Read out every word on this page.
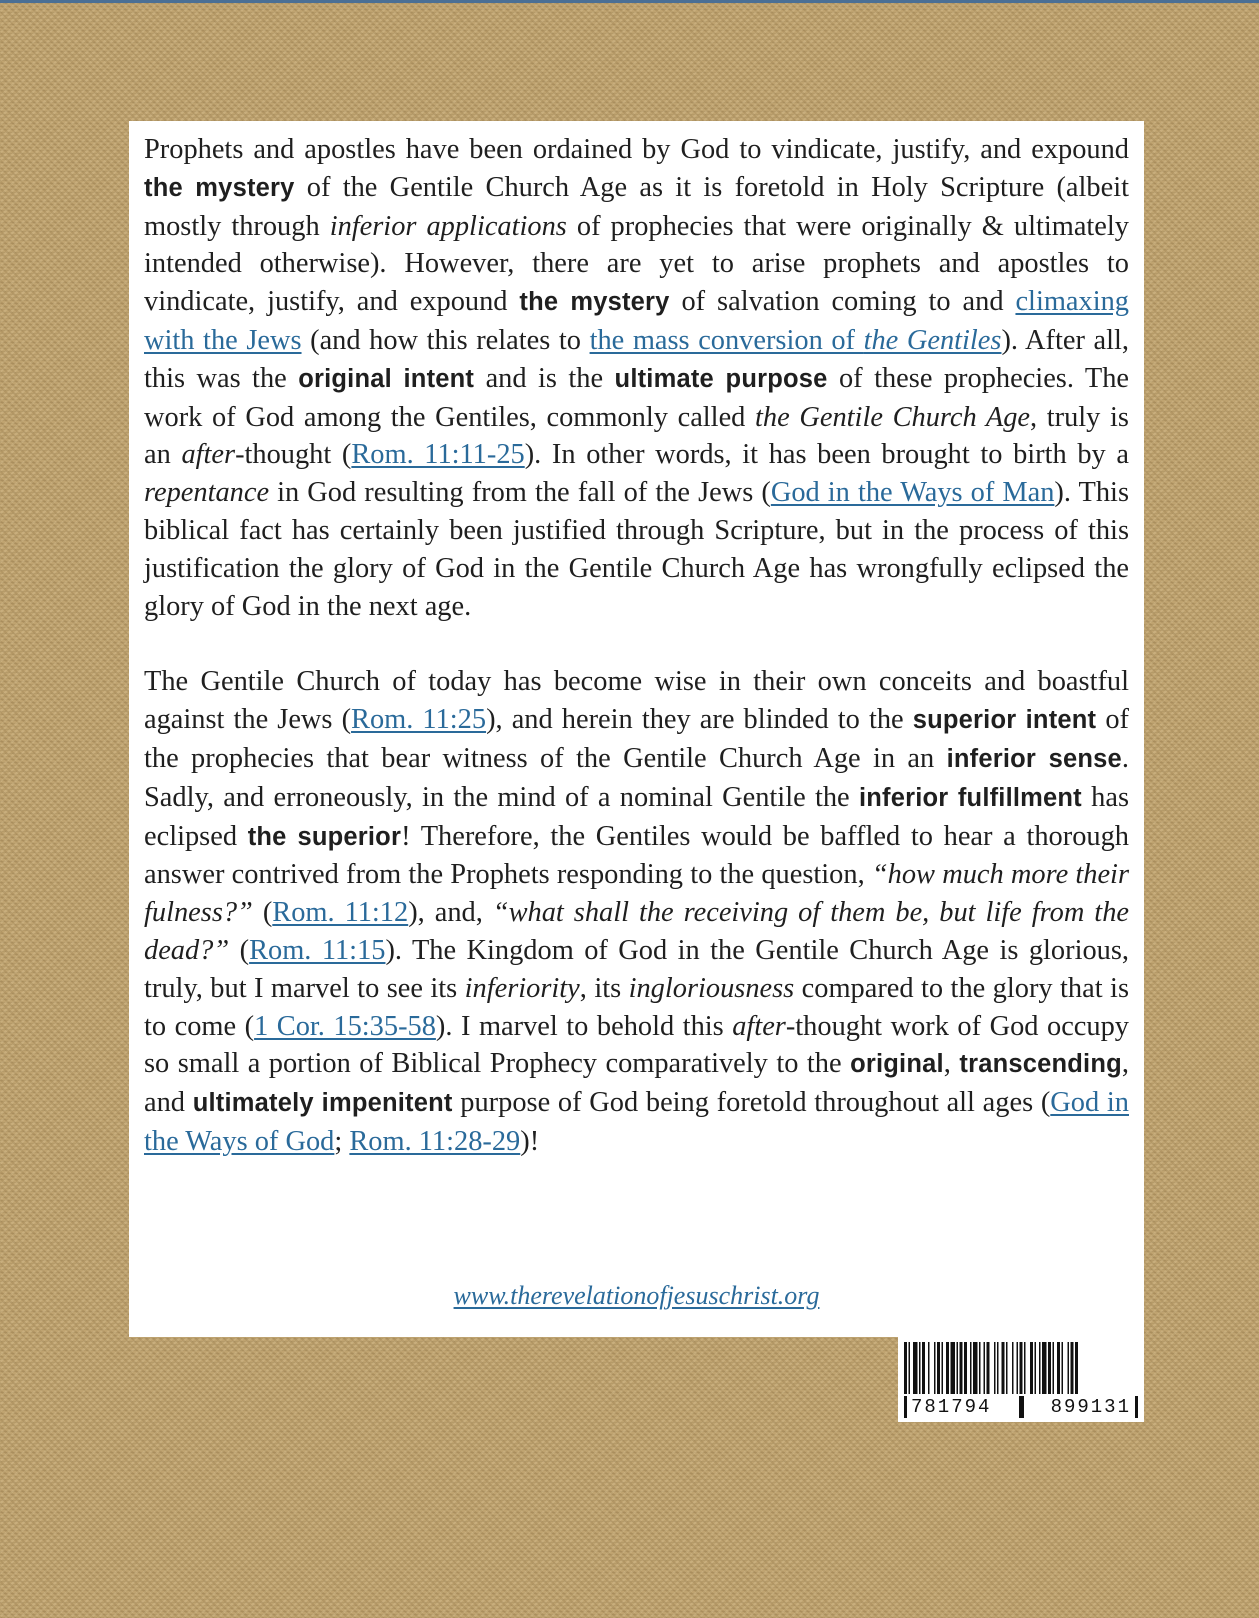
Prophets and apostles have been ordained by God to vindicate, justify, and expound the mystery of the Gentile Church Age as it is foretold in Holy Scripture (albeit mostly through inferior applications of prophecies that were originally & ultimately intended otherwise). However, there are yet to arise prophets and apostles to vindicate, justify, and expound the mystery of salvation coming to and climaxing with the Jews (and how this relates to the mass conversion of the Gentiles). After all, this was the original intent and is the ultimate purpose of these prophecies. The work of God among the Gentiles, commonly called the Gentile Church Age, truly is an after-thought (Rom. 11:11-25). In other words, it has been brought to birth by a repentance in God resulting from the fall of the Jews (God in the Ways of Man). This biblical fact has certainly been justified through Scripture, but in the process of this justification the glory of God in the Gentile Church Age has wrongfully eclipsed the glory of God in the next age.

The Gentile Church of today has become wise in their own conceits and boastful against the Jews (Rom. 11:25), and herein they are blinded to the superior intent of the prophecies that bear witness of the Gentile Church Age in an inferior sense. Sadly, and erroneously, in the mind of a nominal Gentile the inferior fulfillment has eclipsed the superior! Therefore, the Gentiles would be baffled to hear a thorough answer contrived from the Prophets responding to the question, “how much more their fulness?” (Rom. 11:12), and, “what shall the receiving of them be, but life from the dead?” (Rom. 11:15). The Kingdom of God in the Gentile Church Age is glorious, truly, but I marvel to see its inferiority, its ingloriousness compared to the glory that is to come (1 Cor. 15:35-58). I marvel to behold this after-thought work of God occupy so small a portion of Biblical Prophecy comparatively to the original, transcending, and ultimately impenitent purpose of God being foretold throughout all ages (God in the Ways of God; Rom. 11:28-29)!

www.therevelationofjesuschrist.org
781794	899131
